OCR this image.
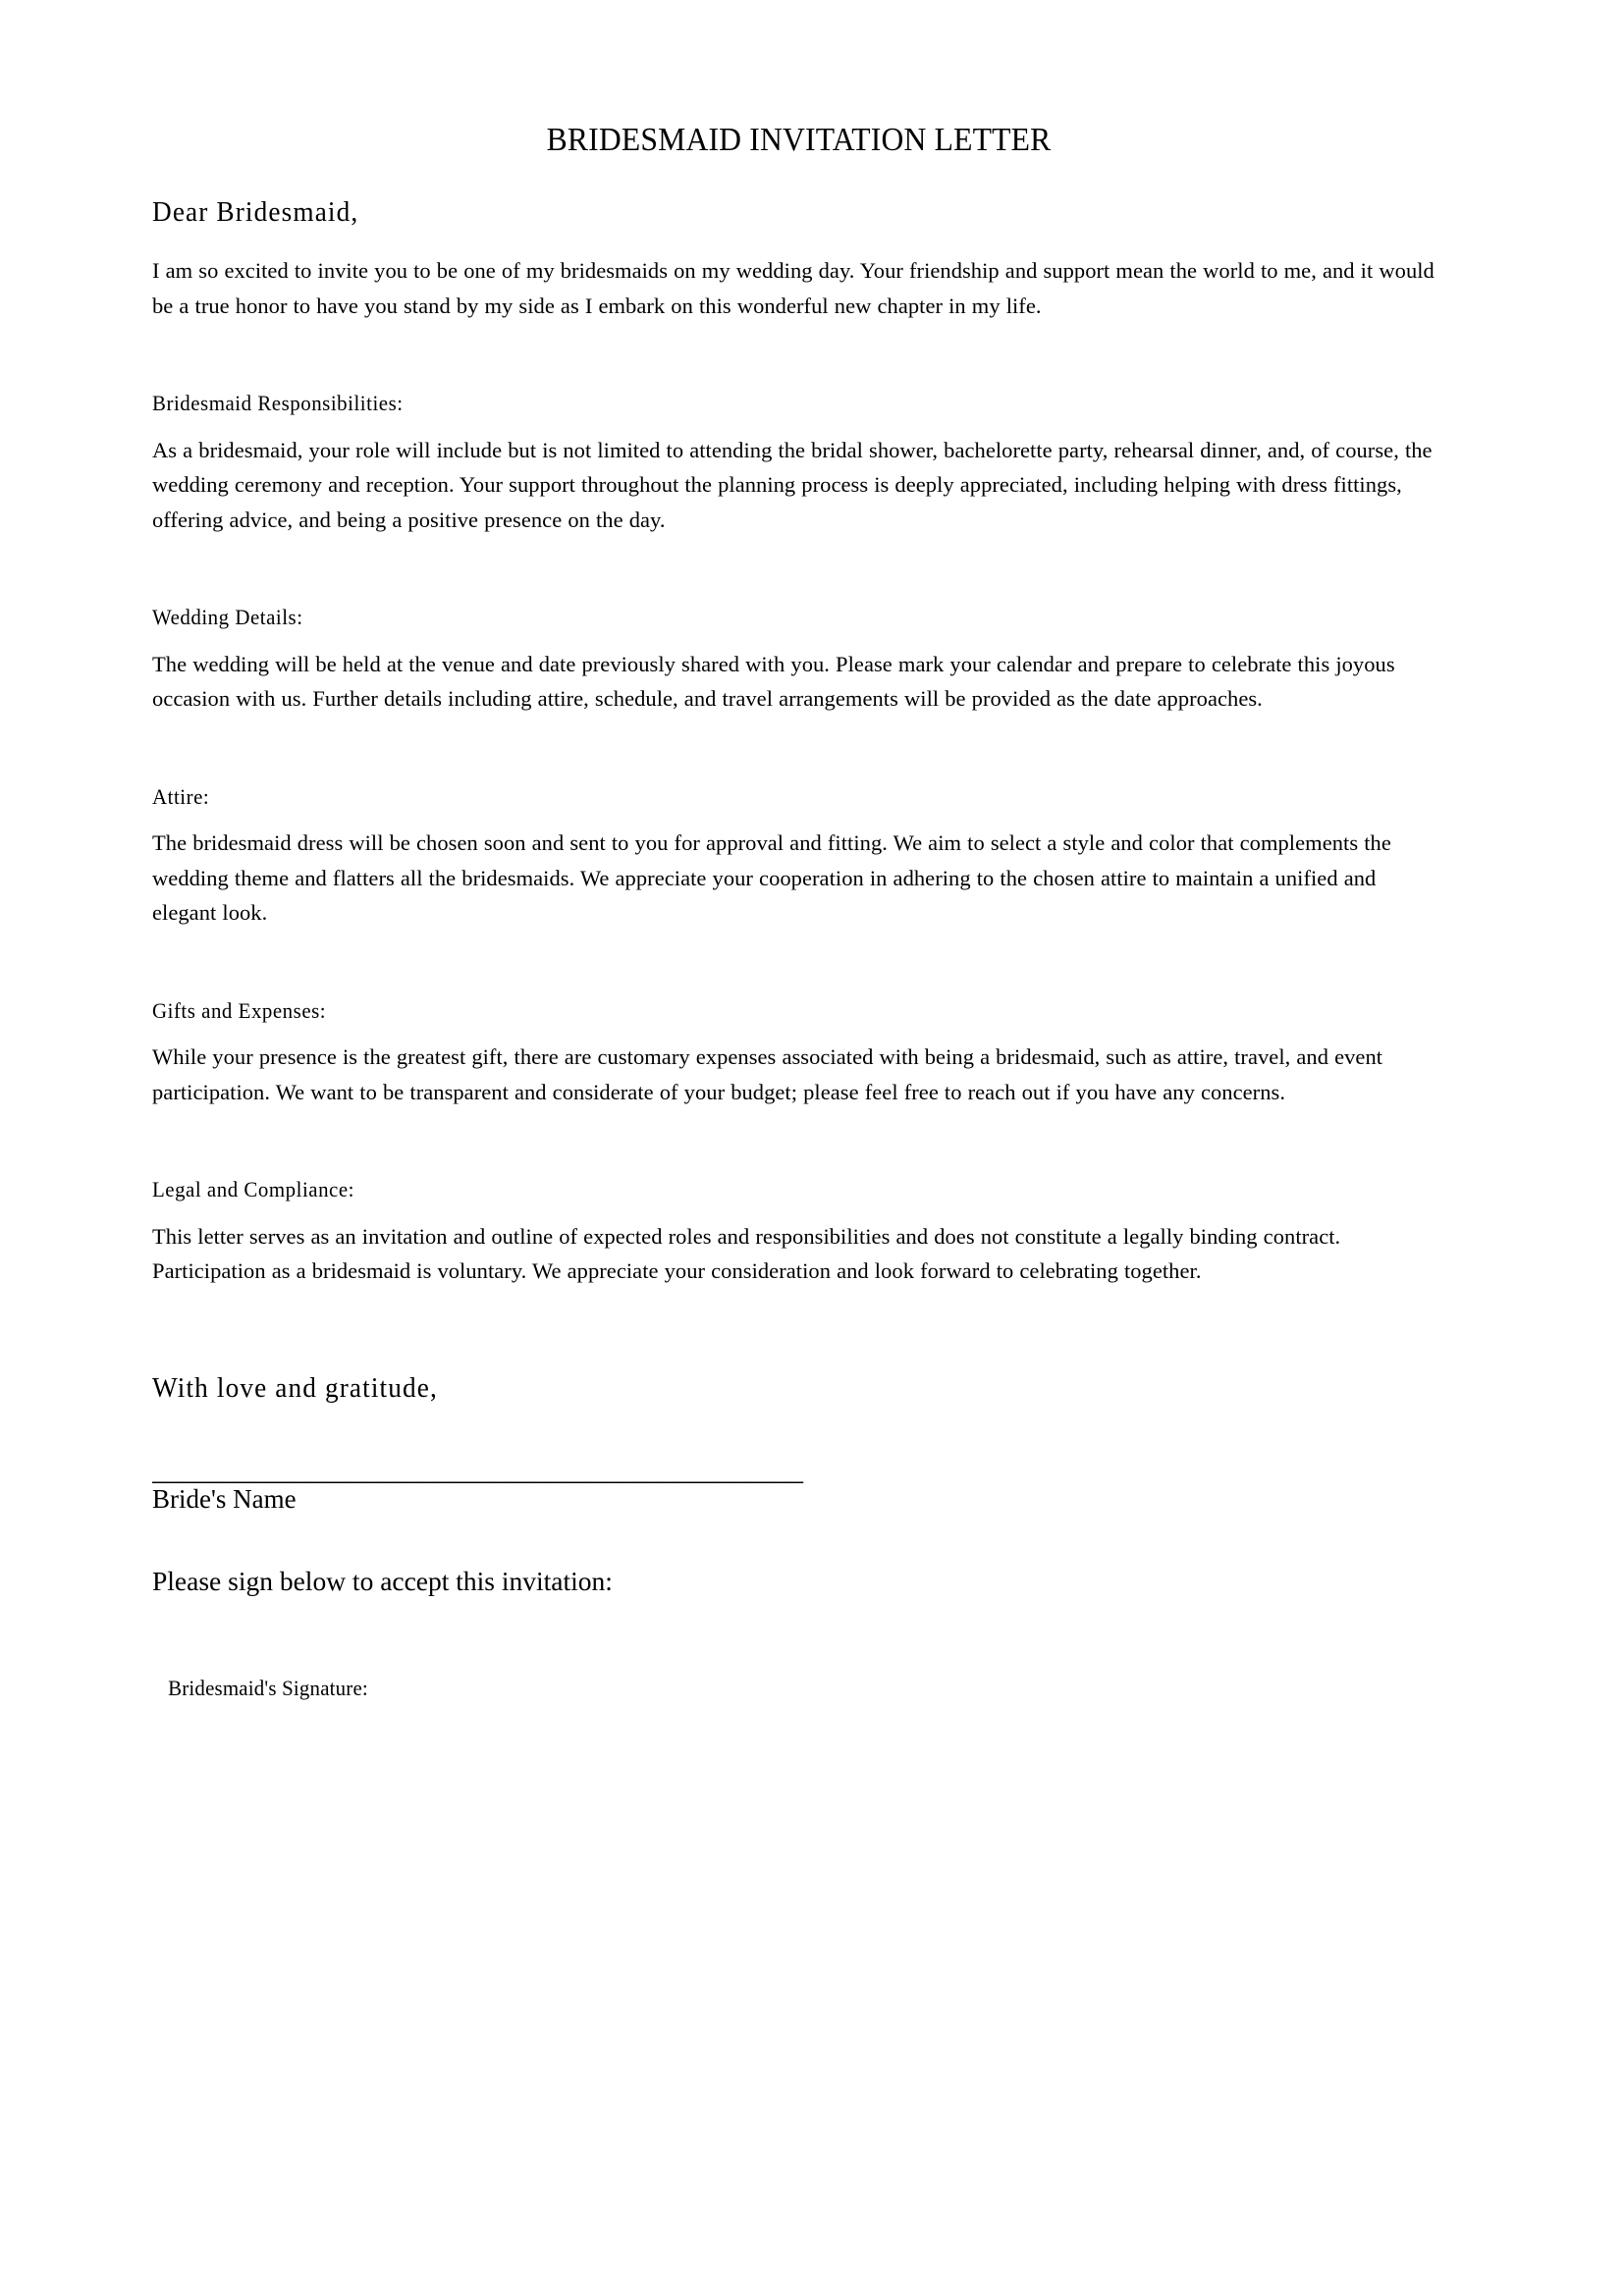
BRIDESMAID INVITATION LETTER

Dear Bridesmaid,

I am so excited to invite you to be one of my bridesmaids on my wedding day. Your friendship and support mean the world to me, and it would be a true honor to have you stand by my side as I embark on this wonderful new chapter in my life.

Bridesmaid Responsibilities:

As a bridesmaid, your role will include but is not limited to attending the bridal shower, bachelorette party, rehearsal dinner, and, of course, the wedding ceremony and reception. Your support throughout the planning process is deeply appreciated, including helping with dress fittings, offering advice, and being a positive presence on the day.

Wedding Details:

The wedding will be held at the venue and date previously shared with you. Please mark your calendar and prepare to celebrate this joyous occasion with us. Further details including attire, schedule, and travel arrangements will be provided as the date approaches.

Attire:

The bridesmaid dress will be chosen soon and sent to you for approval and fitting. We aim to select a style and color that complements the wedding theme and flatters all the bridesmaids. We appreciate your cooperation in adhering to the chosen attire to maintain a unified and elegant look.

Gifts and Expenses:

While your presence is the greatest gift, there are customary expenses associated with being a bridesmaid, such as attire, travel, and event participation. We want to be transparent and considerate of your budget; please feel free to reach out if you have any concerns.

Legal and Compliance:

This letter serves as an invitation and outline of expected roles and responsibilities and does not constitute a legally binding contract. Participation as a bridesmaid is voluntary. We appreciate your consideration and look forward to celebrating together.

With love and gratitude,

______________________________________________

Bride's Name

Please sign below to accept this invitation:

Bridesmaid's Signature:
